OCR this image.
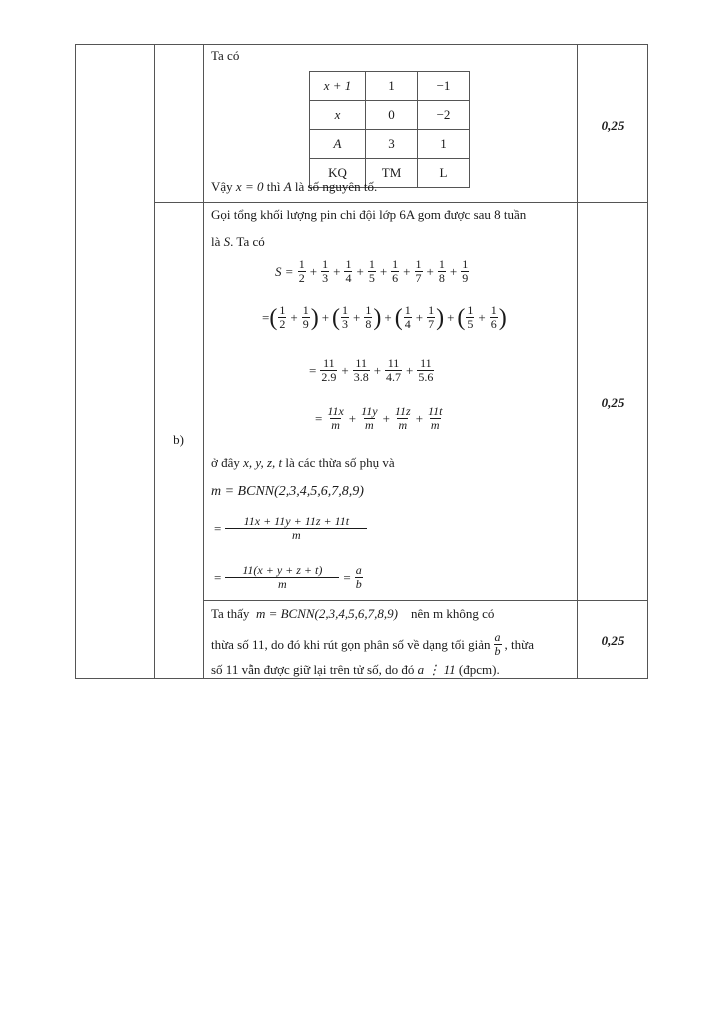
Ta có
x + 1	1	−1
x	0	−2
A	3	1
KQ	TM	L
Vậy x = 0 thì A là số nguyên tố.
0,25
b)
Gọi tổng khối lượng pin chi đội lớp 6A gom được sau 8 tuần
là S. Ta có
S =
$\frac{1}{2} + \frac{1}{3} + \frac{1}{4} + \frac{1}{5} + \frac{1}{6} + \frac{1}{7} + \frac{1}{8} + \frac{1}{9}$
= ( $\frac{1}{2} + \frac{1}{9}$ ) + ( $\frac{1}{3} + \frac{1}{8}$ ) + ( $\frac{1}{4} + \frac{1}{7}$ ) + ( $\frac{1}{5} + \frac{1}{6}$ )
= $\frac{11}{2.9} + \frac{11}{3.8} + \frac{11}{4.7} + \frac{11}{5.6}$
= $\frac{11x}{m} + \frac{11y}{m} + \frac{11z}{m} + \frac{11t}{m}$
ở đây x, y, z, t là các thừa số phụ và
m = BCNN(2,3,4,5,6,7,8,9)
= $\frac{11x + 11y + 11z + 11t}{m}$
= $\frac{11(x + y + z + t)}{m} = \frac{a}{b}$
0,25
Ta thấy m = BCNN(2,3,4,5,6,7,8,9) nên m không có
thừa số 11, do đó khi rút gọn phân số về dạng tối giản $\frac{a}{b}$ , thừa
số 11 vẫn được giữ lại trên tử số, do đó a ⋮ 11 (đpcm).
0,25
